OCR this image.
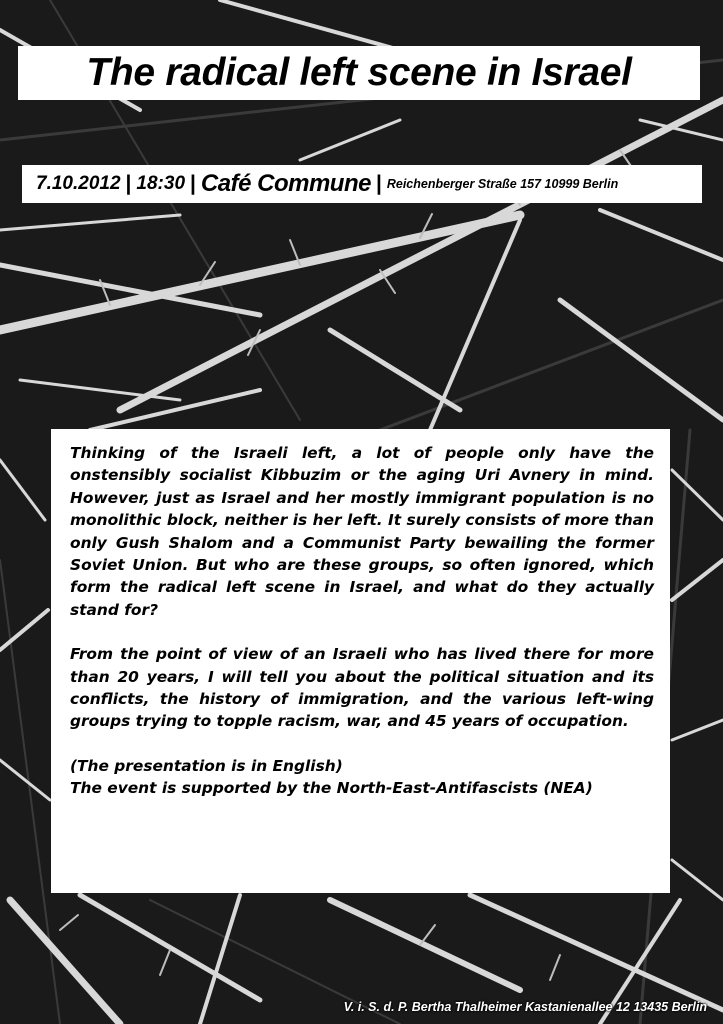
The radical left scene in Israel
7.10.2012 | 18:30 | Café Commune | Reichenberger Straße 157 10999 Berlin

Thinking of the Israeli left, a lot of people only have the onstensibly socialist Kibbuzim or the aging Uri Avnery in mind. However, just as Israel and her mostly immigrant population is no monolithic block, neither is her left. It surely consists of more than only Gush Shalom and a Communist Party bewailing the former Soviet Union. But who are these groups, so often ignored, which form the radical left scene in Israel, and what do they actually stand for?

From the point of view of an Israeli who has lived there for more than 20 years, I will tell you about the political situation and its conflicts, the history of immigration, and the various left-wing groups trying to topple racism, war, and 45 years of occupation.

(The presentation is in English)

The event is supported by the North-East-Antifascists (NEA)

V. i. S. d. P. Bertha Thalheimer Kastanienallee 12 13435 Berlin
